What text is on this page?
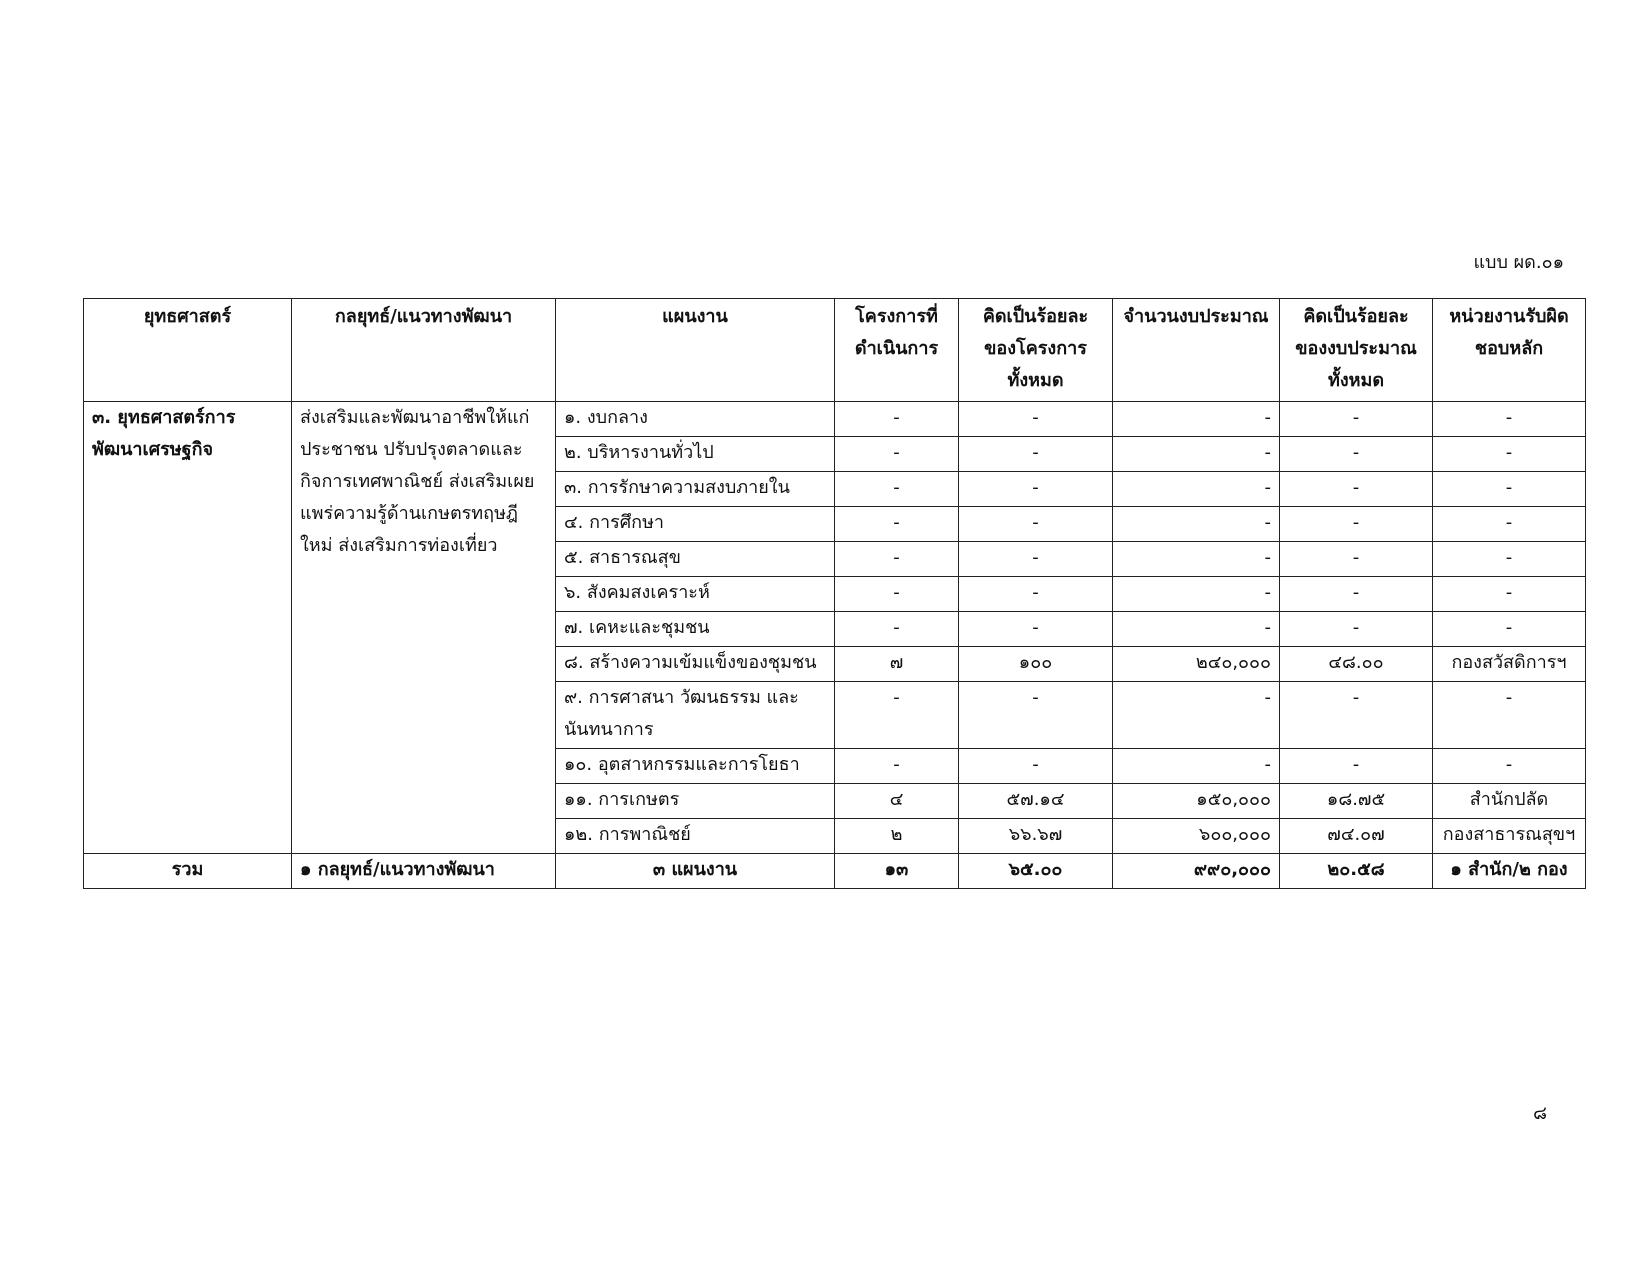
แบบ ผด.๐๑
ยุทธศาสตร์	กลยุทธ์/แนวทางพัฒนา	แผนงาน	โครงการที่ดำเนินการ	คิดเป็นร้อยละของโครงการทั้งหมด	จำนวนงบประมาณ	คิดเป็นร้อยละของงบประมาณทั้งหมด	หน่วยงานรับผิดชอบหลัก
๓. ยุทธศาสตร์การพัฒนาเศรษฐกิจ	ส่งเสริมและพัฒนาอาชีพให้แก่ประชาชน ปรับปรุงตลาดและกิจการเทศพาณิชย์ ส่งเสริมเผยแพร่ความรู้ด้านเกษตรทฤษฎีใหม่ ส่งเสริมการท่องเที่ยว	๑. งบกลาง	-	-	-	-	-
		๒. บริหารงานทั่วไป	-	-	-	-	-
		๓. การรักษาความสงบภายใน	-	-	-	-	-
		๔. การศึกษา	-	-	-	-	-
		๕. สาธารณสุข	-	-	-	-	-
		๖. สังคมสงเคราะห์	-	-	-	-	-
		๗. เคหะและชุมชน	-	-	-	-	-
		๘. สร้างความเข้มแข็งของชุมชน	๗	๑๐๐	๒๔๐,๐๐๐	๔๘.๐๐	กองสวัสดิการฯ
		๙. การศาสนา วัฒนธรรม และนันทนาการ	-	-	-	-	-
		๑๐. อุตสาหกรรมและการโยธา	-	-	-	-	-
		๑๑. การเกษตร	๔	๕๗.๑๔	๑๕๐,๐๐๐	๑๘.๗๕	สำนักปลัด
		๑๒. การพาณิชย์	๒	๖๖.๖๗	๖๐๐,๐๐๐	๗๔.๐๗	กองสาธารณสุขฯ
รวม	๑ กลยุทธ์/แนวทางพัฒนา	๓ แผนงาน	๑๓	๖๕.๐๐	๙๙๐,๐๐๐	๒๐.๕๘	๑ สำนัก/๒ กอง
๘
